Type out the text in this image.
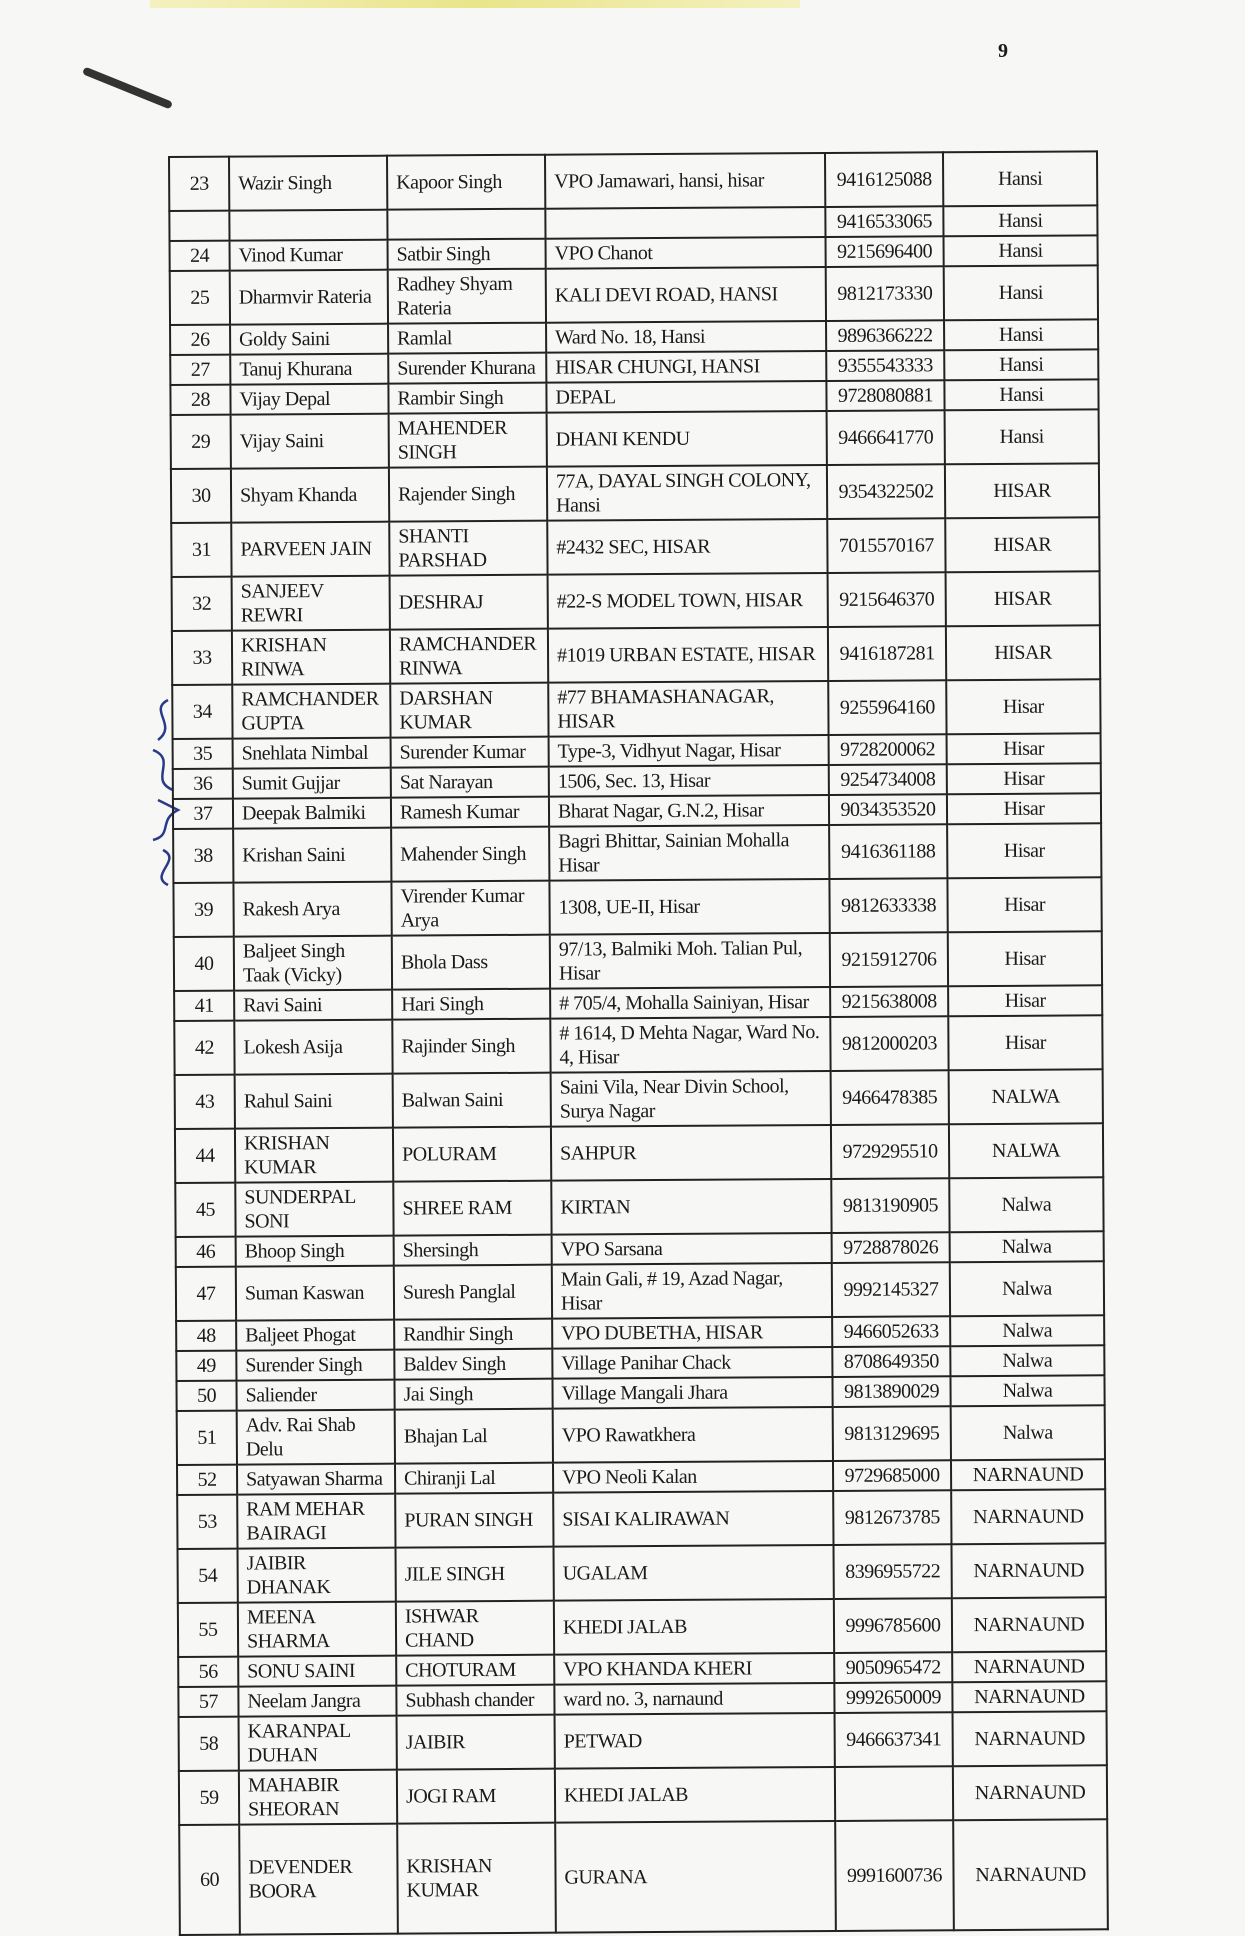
9
23	Wazir Singh	Kapoor Singh	VPO Jamawari, hansi, hisar	9416125088	Hansi
				9416533065	Hansi
24	Vinod Kumar	Satbir Singh	VPO Chanot	9215696400	Hansi
25	Dharmvir Rateria	Radhey Shyam Rateria	KALI DEVI ROAD, HANSI	9812173330	Hansi
26	Goldy Saini	Ramlal	Ward No. 18, Hansi	9896366222	Hansi
27	Tanuj Khurana	Surender Khurana	HISAR CHUNGI, HANSI	9355543333	Hansi
28	Vijay Depal	Rambir Singh	DEPAL	9728080881	Hansi
29	Vijay Saini	MAHENDER SINGH	DHANI KENDU	9466641770	Hansi
30	Shyam Khanda	Rajender Singh	77A, DAYAL SINGH COLONY, Hansi	9354322502	HISAR
31	PARVEEN JAIN	SHANTI PARSHAD	#2432 SEC, HISAR	7015570167	HISAR
32	SANJEEV REWRI	DESHRAJ	#22-S MODEL TOWN, HISAR	9215646370	HISAR
33	KRISHAN RINWA	RAMCHANDER RINWA	#1019 URBAN ESTATE, HISAR	9416187281	HISAR
34	RAMCHANDER GUPTA	DARSHAN KUMAR	#77 BHAMASHANAGAR, HISAR	9255964160	Hisar
35	Snehlata Nimbal	Surender Kumar	Type-3, Vidhyut Nagar, Hisar	9728200062	Hisar
36	Sumit Gujjar	Sat Narayan	1506, Sec. 13, Hisar	9254734008	Hisar
37	Deepak Balmiki	Ramesh Kumar	Bharat Nagar, G.N.2, Hisar	9034353520	Hisar
38	Krishan Saini	Mahender Singh	Bagri Bhittar, Sainian Mohalla Hisar	9416361188	Hisar
39	Rakesh Arya	Virender Kumar Arya	1308, UE-II, Hisar	9812633338	Hisar
40	Baljeet Singh Taak (Vicky)	Bhola Dass	97/13, Balmiki Moh. Talian Pul, Hisar	9215912706	Hisar
41	Ravi Saini	Hari Singh	# 705/4, Mohalla Sainiyan, Hisar	9215638008	Hisar
42	Lokesh Asija	Rajinder Singh	# 1614, D Mehta Nagar, Ward No. 4, Hisar	9812000203	Hisar
43	Rahul Saini	Balwan Saini	Saini Vila, Near Divin School, Surya Nagar	9466478385	NALWA
44	KRISHAN KUMAR	POLURAM	SAHPUR	9729295510	NALWA
45	SUNDERPAL SONI	SHREE RAM	KIRTAN	9813190905	Nalwa
46	Bhoop Singh	Shersingh	VPO Sarsana	9728878026	Nalwa
47	Suman Kaswan	Suresh Panglal	Main Gali, # 19, Azad Nagar, Hisar	9992145327	Nalwa
48	Baljeet Phogat	Randhir Singh	VPO DUBETHA, HISAR	9466052633	Nalwa
49	Surender Singh	Baldev Singh	Village Panihar Chack	8708649350	Nalwa
50	Saliender	Jai Singh	Village Mangali Jhara	9813890029	Nalwa
51	Adv. Rai Shab Delu	Bhajan Lal	VPO Rawatkhera	9813129695	Nalwa
52	Satyawan Sharma	Chiranji Lal	VPO Neoli Kalan	9729685000	NARNAUND
53	RAM MEHAR BAIRAGI	PURAN SINGH	SISAI KALIRAWAN	9812673785	NARNAUND
54	JAIBIR DHANAK	JILE SINGH	UGALAM	8396955722	NARNAUND
55	MEENA SHARMA	ISHWAR CHAND	KHEDI JALAB	9996785600	NARNAUND
56	SONU SAINI	CHOTURAM	VPO KHANDA KHERI	9050965472	NARNAUND
57	Neelam Jangra	Subhash chander	ward no. 3, narnaund	9992650009	NARNAUND
58	KARANPAL DUHAN	JAIBIR	PETWAD	9466637341	NARNAUND
59	MAHABIR SHEORAN	JOGI RAM	KHEDI JALAB		NARNAUND
60	DEVENDER BOORA	KRISHAN KUMAR	GURANA	9991600736	NARNAUND
